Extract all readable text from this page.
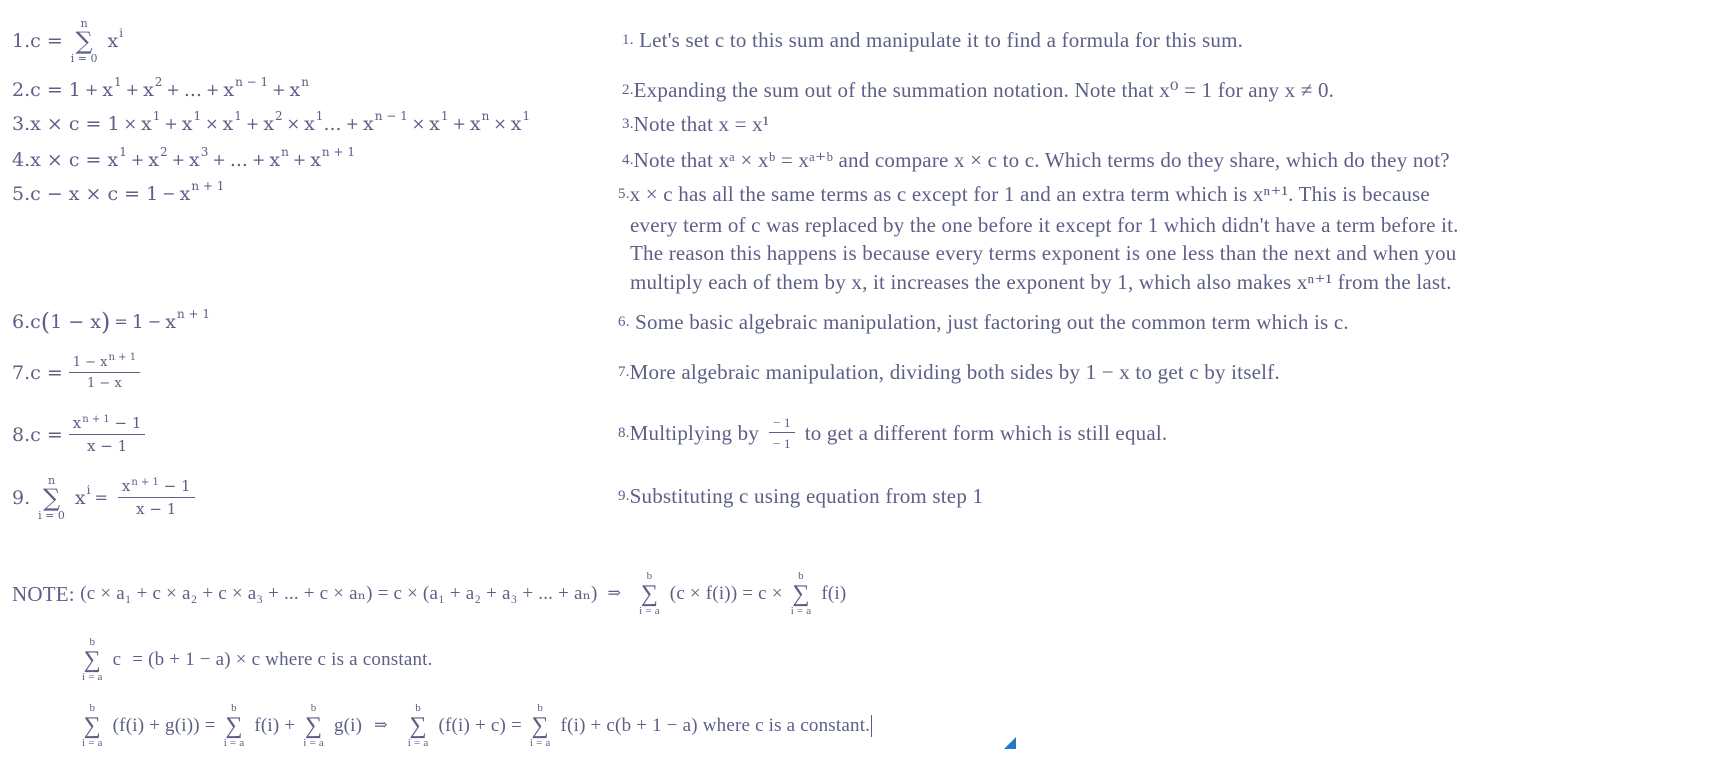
1. c =
n
∑
i = 0
x i
2. c =
1 + x 1 + x 2 + ... + x n − 1 + x n
3. x × c =
1 × x 1 + x 1 × x 1 + x 2 × x 1 ... + x n − 1 × x 1 + x n × x 1
4. x × c =
x 1 + x 2 + x 3 + ... + x n + x n + 1
5. c − x × c =
1 − x n + 1
6. c ( 1 − x ) = 1 − x n + 1
7. $c = \frac{1 - x^{n + 1}}{1 - x}$
8. $c = \frac{x^{n + 1} - 1}{x - 1}$
9.
n
∑
i = 0
x $i = \frac{x^{n + 1} - 1}{x - 1}$
1.
Let's set c to this sum and manipulate it to find a formula for this sum.
2. Expanding the sum out of the summation notation. Note that x⁰ = 1 for any x ≠ 0.
3. Note that x = x¹
4. Note that xᵃ × xᵇ = xᵃ⁺ᵇ and compare x × c to c. Which terms do they share, which do they not?
5. x × c has all the same terms as c except for 1 and an extra term which is xⁿ⁺¹. This is because
every term of c was replaced by the one before it except for 1 which didn't have a term before it.
The reason this happens is because every terms exponent is one less than the next and when you
multiply each of them by x, it increases the exponent by 1, which also makes xⁿ⁺¹ from the last.
6.
Some basic algebraic manipulation, just factoring out the common term which is c.
7. More algebraic manipulation, dividing both sides by 1 − x to get c by itself.
8. Multiplying by $\frac{- 1}{- 1}$ to get a different form which is still equal.
9. Substituting c using equation from step 1
NOTE:
(c × a₁ + c × a₂ + c × a₃ + ... + c × aₙ) = c × (a₁ + a₂ + a₃ + ... + aₙ) ⇒
b
∑
i = a
(c × f(i)) = c ×
b
∑
i = a
f(i)
b
∑
i = a
c
= (b + 1 − a) × c where c is a constant.
b
∑
i = a
(f(i) + g(i)) =
b
∑
i = a
f(i) +
b
∑
i = a
g(i) ⇒
b
∑
i = a
(f(i) + c) =
b
∑
i = a
f(i) + c(b + 1 − a) where c is a constant.
